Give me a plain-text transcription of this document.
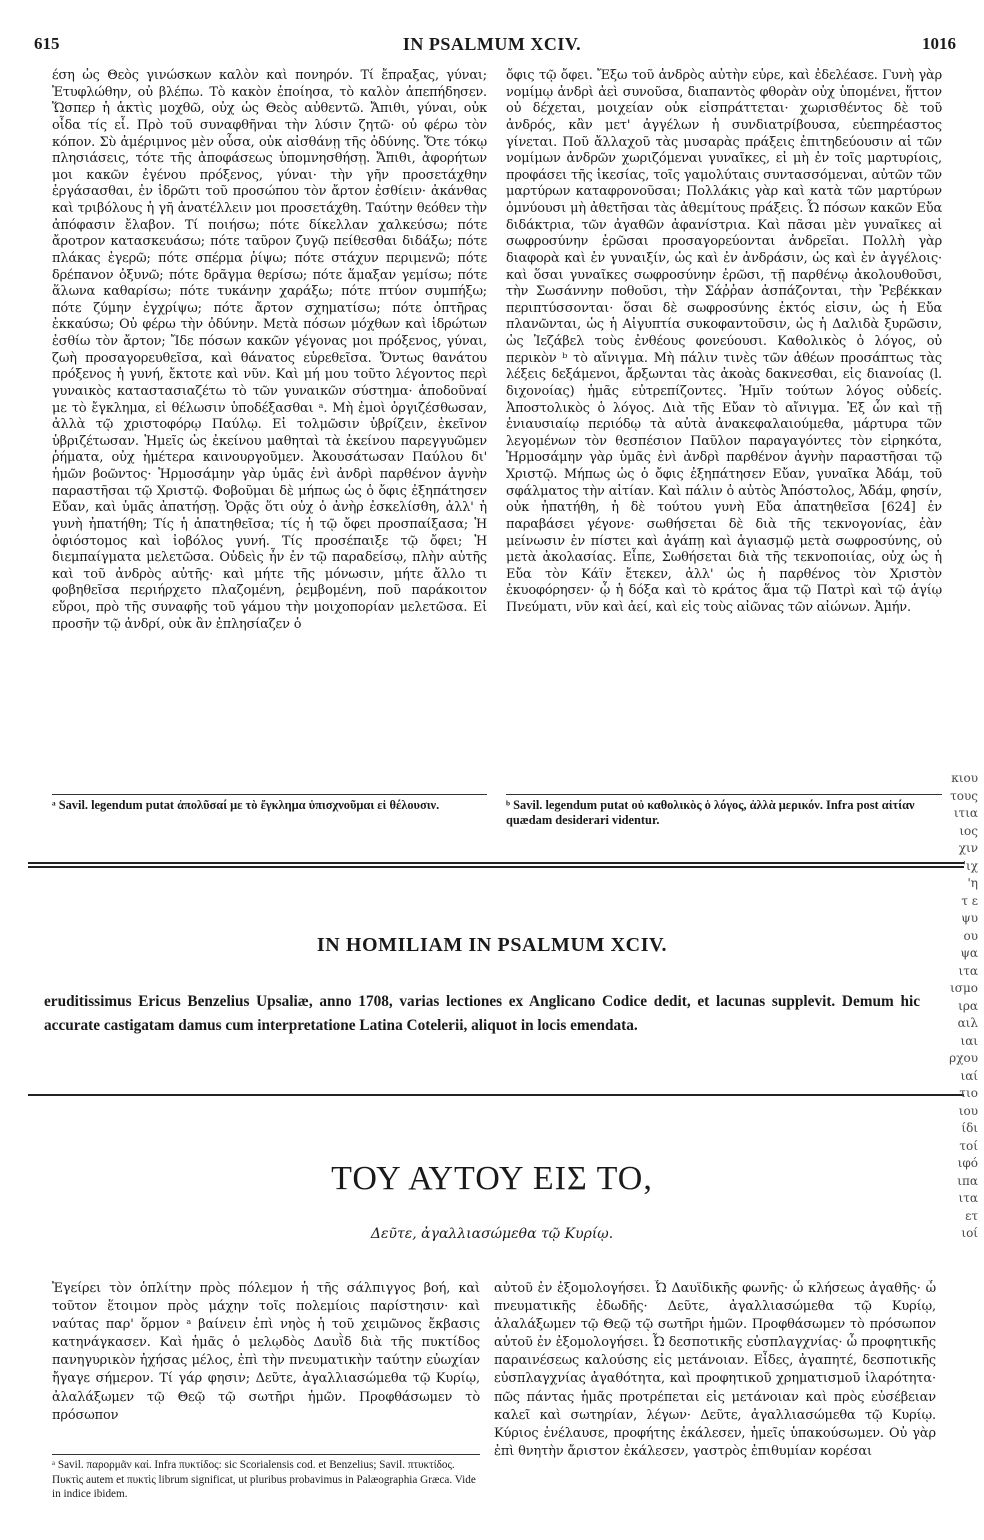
615	IN PSALMUM XCIV.	1016

έση ὡς Θεὸς γινώσκων καλὸν καὶ πονηρόν. Τί ἔπραξας, γύναι; Ἐτυφλώθην, οὐ βλέπω. Τὸ κακὸν ἐποίησα, τὸ καλὸν ἀπεπήδησεν. Ὥσπερ ἡ ἀκτὶς μοχθῶ, οὐχ ὡς Θεὸς αὐθεντῶ. Ἄπιθι, γύναι, οὐκ οἶδα τίς εἶ. Πρὸ τοῦ συναφθῆναι τὴν λύσιν ζητῶ· οὐ φέρω τὸν κόπον. Σὺ ἀμέριμνος μὲν οὖσα, οὐκ αἰσθάνῃ τῆς ὀδύνης. Ὅτε τόκῳ πλησιάσεις, τότε τῆς ἀποφάσεως ὑπομνησθήσῃ. Ἄπιθι, ἀφορήτων μοι κακῶν ἐγένου πρόξενος, γύναι· τὴν γῆν προσετάχθην ἐργάσασθαι, ἐν ἱδρῶτι τοῦ προσώπου τὸν ἄρτον ἐσθίειν· ἀκάνθας καὶ τριβόλους ἡ γῆ ἀνατέλλειν μοι προσετάχθη. Ταύτην θεόθεν τὴν ἀπόφασιν ἔλαβον. Τί ποιήσω; πότε δίκελλαν χαλκεύσω; πότε ἄροτρον κατασκευάσω; πότε ταῦρον ζυγῷ πείθεσθαι διδάξω; πότε πλάκας ἐγερῶ; πότε σπέρμα ῥίψω; πότε στάχυν περιμενῶ; πότε δρέπανον ὀξυνῶ; πότε δρᾶγμα θερίσω; πότε ἅμαξαν γεμίσω; πότε ἅλωνα καθαρίσω; πότε τυκάνην χαράξω; πότε πτύον συμπήξω; πότε ζύμην ἐγχρίψω; πότε ἄρτον σχηματίσω; πότε ὀπτῆρας ἐκκαύσω; Οὐ φέρω τὴν ὀδύνην. Μετὰ πόσων μόχθων καὶ ἱδρώτων ἐσθίω τὸν ἄρτον; Ἴδε πόσων κακῶν γέγονας μοι πρόξενος, γύναι, ζωὴ προσαγορευθεῖσα, καὶ θάνατος εὑρεθεῖσα. Ὄντως θανάτου πρόξενος ἡ γυνή, ἔκτοτε καὶ νῦν. Καὶ μή μου τοῦτο λέγοντος περὶ γυναικὸς καταστασιαζέτω τὸ τῶν γυναικῶν σύστημα· ἀποδοῦναί με τὸ ἔγκλημα, εἰ θέλωσιν ὑποδέξασθαι ᵃ. Μὴ ἐμοὶ ὀργιζέσθωσαν, ἀλλὰ τῷ χριστοφόρῳ Παύλῳ. Εἰ τολμῶσιν ὑβρίζειν, ἐκεῖνον ὑβριζέτωσαν. Ἡμεῖς ὡς ἐκείνου μαθηταὶ τὰ ἐκείνου παρεγγυῶμεν ῥήματα, οὐχ ἡμέτερα καινουργοῦμεν. Ἀκουσάτωσαν Παύλου δι' ἡμῶν βοῶντος· Ἡρμοσάμην γὰρ ὑμᾶς ἑνὶ ἀνδρὶ παρθένον ἁγνὴν παραστῆσαι τῷ Χριστῷ. Φοβοῦμαι δὲ μήπως ὡς ὁ ὄφις ἐξηπάτησεν Εὔαν, καὶ ὑμᾶς ἀπατήσῃ. Ὁρᾷς ὅτι οὐχ ὁ ἀνὴρ ἐσκελίσθη, ἀλλ' ἡ γυνὴ ἠπατήθη; Τίς ἡ ἀπατηθεῖσα; τίς ἡ τῷ ὄφει προσπαίξασα; Ἡ ὀφιόστομος καὶ ἰοβόλος γυνή. Τίς προσέπαιξε τῷ ὄφει; Ἡ διεμπαίγματα μελετῶσα. Οὐδεὶς ἦν ἐν τῷ παραδείσῳ, πλὴν αὐτῆς καὶ τοῦ ἀνδρὸς αὐτῆς· καὶ μήτε τῆς μόνωσιν, μήτε ἄλλο τι φοβηθεῖσα περιήρχετο πλαζομένη, ῥεμβομένη, ποῦ παράκοιτον εὕροι, πρὸ τῆς συναφῆς τοῦ γάμου τὴν μοιχοπορίαν μελετῶσα. Εἰ προσῆν τῷ ἀνδρί, οὐκ ἂν ἐπλησίαζεν ὁ

ᵃ Savil. legendum putat ἀπολῦσαί με τὸ ἔγκλημα ὑπισχνοῦμαι εἰ θέλουσιν.

ὄφις τῷ ὄφει. Ἔξω τοῦ ἀνδρὸς αὐτὴν εὗρε, καὶ ἐδελέασε. Γυνὴ γὰρ νομίμῳ ἀνδρὶ ἀεὶ συνοῦσα, διαπαντὸς φθορὰν οὐχ ὑπομένει, ἥττον οὐ δέχεται, μοιχείαν οὐκ εἰσπράττεται· χωρισθέντος δὲ τοῦ ἀνδρός, κἂν μετ' ἀγγέλων ἡ συνδιατρίβουσα, εὐεπηρέαστος γίνεται. Ποῦ ἄλλαχοῦ τὰς μυσαρὰς πράξεις ἐπιτηδεύουσιν αἱ τῶν νομίμων ἀνδρῶν χωριζόμεναι γυναῖκες, εἰ μὴ ἐν τοῖς μαρτυρίοις, προφάσει τῆς ἱκεσίας, τοῖς γαμολύταις συντασσόμεναι, αὐτῶν τῶν μαρτύρων καταφρονοῦσαι; Πολλάκις γὰρ καὶ κατὰ τῶν μαρτύρων ὀμνύουσι μὴ ἀθετῆσαι τὰς ἀθεμίτους πράξεις. Ὦ πόσων κακῶν Εὔα διδάκτρια, τῶν ἀγαθῶν ἀφανίστρια. Καὶ πᾶσαι μὲν γυναῖκες αἱ σωφροσύνην ἐρῶσαι προσαγορεύονται ἀνδρεῖαι. Πολλὴ γὰρ διαφορὰ καὶ ἐν γυναιξίν, ὡς καὶ ἐν ἀνδράσιν, ὡς καὶ ἐν ἀγγέλοις· καὶ ὅσαι γυναῖκες σωφροσύνην ἐρῶσι, τῇ παρθένῳ ἀκολουθοῦσι, τὴν Σωσάννην ποθοῦσι, τὴν Σάῤῥαν ἀσπάζονται, τὴν Ῥεβέκκαν περιπτύσσονται· ὅσαι δὲ σωφροσύνης ἐκτός εἰσιν, ὡς ἡ Εὔα πλανῶνται, ὡς ἡ Αἰγυπτία συκοφαντοῦσιν, ὡς ἡ Δαλιδὰ ξυρῶσιν, ὡς Ἰεζάβελ τοὺς ἐνθέους φονεύουσι. Καθολικὸς ὁ λόγος, οὐ περικὸν ᵇ τὸ αἴνιγμα. Μὴ πάλιν τινὲς τῶν ἀθέων προσάπτως τὰς λέξεις δεξάμενοι, ἄρξωνται τὰς ἀκοὰς δακνεσθαι, εἰς διανοίας (l. διχονοίας) ἡμᾶς εὐτρεπίζοντες. Ἡμῖν τούτων λόγος οὐδείς. Ἀποστολικὸς ὁ λόγος. Διὰ τῆς Εὔαν τὸ αἴνιγμα. Ἐξ ὧν καὶ τῇ ἐνιαυσιαίῳ περιόδῳ τὰ αὐτὰ ἀνακεφαλαιούμεθα, μάρτυρα τῶν λεγομένων τὸν θεσπέσιον Παῦλον παραγαγόντες τὸν εἰρηκότα, Ἡρμοσάμην γὰρ ὑμᾶς ἑνὶ ἀνδρὶ παρθένον ἁγνὴν παραστῆσαι τῷ Χριστῷ. Μήπως ὡς ὁ ὄφις ἐξηπάτησεν Εὔαν, γυναῖκα Ἀδάμ, τοῦ σφάλματος τὴν αἰτίαν. Καὶ πάλιν ὁ αὐτὸς Ἀπόστολος, Ἀδάμ, φησίν, οὐκ ἠπατήθη, ἡ δὲ τούτου γυνὴ Εὔα ἀπατηθεῖσα [624] ἐν παραβάσει γέγονε· σωθήσεται δὲ διὰ τῆς τεκνογονίας, ἐὰν μείνωσιν ἐν πίστει καὶ ἀγάπῃ καὶ ἁγιασμῷ μετὰ σωφροσύνης, οὐ μετὰ ἀκολασίας. Εἶπε, Σωθήσεται διὰ τῆς τεκνοποιίας, οὐχ ὡς ἡ Εὔα τὸν Κάϊν ἔτεκεν, ἀλλ' ὡς ἡ παρθένος τὸν Χριστὸν ἐκυοφόρησεν· ᾧ ἡ δόξα καὶ τὸ κράτος ἅμα τῷ Πατρὶ καὶ τῷ ἁγίῳ Πνεύματι, νῦν καὶ ἀεί, καὶ εἰς τοὺς αἰῶνας τῶν αἰώνων. Ἀμήν.

ᵇ Savil. legendum putat οὐ καθολικὸς ὁ λόγος, ἀλλὰ μερικόν. Infra post αἰτίαν quædam desiderari videntur.
IN HOMILIAM IN PSALMUM XCIV.
eruditissimus Ericus Benzelius Upsaliæ, anno 1708, varias lectiones ex Anglicano Codice dedit, et lacunas supplevit. Demum hic accurate castigatam damus cum interpretatione Latina Cotelerii, aliquot in locis emendata.
ΤΟΥ ΑΥΤΟΥ ΕΙΣ ΤΟ,
Δεῦτε, ἀγαλλιασώμεθα τῷ Κυρίῳ.

Ἐγείρει τὸν ὁπλίτην πρὸς πόλεμον ἡ τῆς σάλπιγγος βοή, καὶ τοῦτον ἕτοιμον πρὸς μάχην τοῖς πολεμίοις παρίστησιν· καὶ ναύτας παρ' ὅρμον ᵃ βαίνειν ἐπὶ νηὸς ἡ τοῦ χειμῶνος ἔκβασις κατηνάγκασεν. Καὶ ἡμᾶς ὁ μελῳδὸς Δαυῒδ διὰ τῆς πυκτίδος πανηγυρικὸν ἠχήσας μέλος, ἐπὶ τὴν πνευματικὴν ταύτην εὐωχίαν ἤγαγε σήμερον. Τί γάρ φησιν; Δεῦτε, ἀγαλλιασώμεθα τῷ Κυρίῳ, ἀλαλάξωμεν τῷ Θεῷ τῷ σωτῆρι ἡμῶν. Προφθάσωμεν τὸ πρόσωπον

ᵃ Savil. παρορμᾶν καί. Infra πυκτίδος: sic Scorialensis cod. et Benzelius; Savil. πτυκτίδος. Πυκτὶς autem et πυκτὶς librum significat, ut pluribus probavimus in Palæographia Græca. Vide in indice ibidem.

αὐτοῦ ἐν ἐξομολογήσει. Ὦ Δαυϊδικῆς φωνῆς· ὦ κλήσεως ἀγαθῆς· ὦ πνευματικῆς ἐδωδῆς· Δεῦτε, ἀγαλλιασώμεθα τῷ Κυρίῳ, ἀλαλάξωμεν τῷ Θεῷ τῷ σωτῆρι ἡμῶν. Προφθάσωμεν τὸ πρόσωπον αὐτοῦ ἐν ἐξομολογήσει. Ὦ δεσποτικῆς εὐσπλαγχνίας· ὦ προφητικῆς παραινέσεως καλούσης εἰς μετάνοιαν. Εἶδες, ἀγαπητέ, δεσποτικῆς εὐσπλαγχνίας ἀγαθότητα, καὶ προφητικοῦ χρηματισμοῦ ἱλαρότητα· πῶς πάντας ἡμᾶς προτρέπεται εἰς μετάνοιαν καὶ πρὸς εὐσέβειαν καλεῖ καὶ σωτηρίαν, λέγων· Δεῦτε, ἀγαλλιασώμεθα τῷ Κυρίῳ. Κύριος ἐνέλαυσε, προφήτης ἐκάλεσεν, ἡμεῖς ὑπακούσωμεν. Οὐ γὰρ ἐπὶ θνητὴν ἄριστον ἐκάλεσεν, γαστρὸς ἐπιθυμίαν κορέσαι

κιου
τους
ιτια
ιος
χιν
'ιχ
'η
τ ε
ψυ
ου
ψα
ιτα
ισμο
ιρα
αιλ
ιαι
ρχου
ιαί
τιο
ιου
ίδι
τοί
ιφό
ιπα
ιτα
ετ
ιοί
